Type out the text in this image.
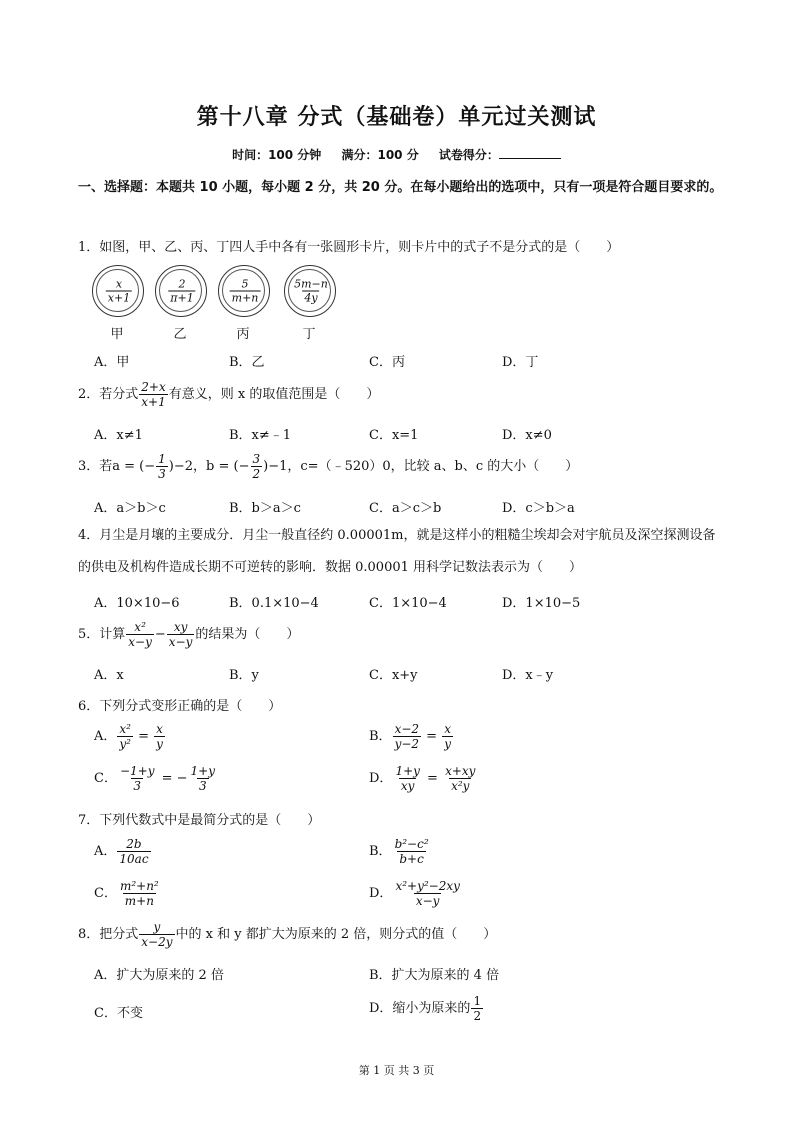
第十八章 分式（基础卷）单元过关测试
时间：100 分钟 满分：100 分 试卷得分：
一、选择题：本题共 10 小题，每小题 2 分，共 20 分。在每小题给出的选项中，只有一项是符合题目要求的。
1．如图，甲、乙、丙、丁四人手中各有一张圆形卡片，则卡片中的式子不是分式的是（　　）
$\frac{x}{x+1}$
甲
$\frac{2}{\pi+1}$
乙
$\frac{5}{m+n}$
丙
$\frac{5m-n}{4y}$
丁
A．甲	B．乙	C．丙	D．丁
2．若分式 $\frac{2+x}{x+1}$ 有意义，则 x 的取值范围是（　　）
A．x≠1	B．x≠﹣1	C．x=1	D．x≠0
3．若a = (− $\frac{1}{3} )-2$，b = (− $\frac{3}{2} )-1$，c=（﹣520）0，比较 a、b、c 的大小（　　）
A．a＞b＞c	B．b＞a＞c	C．a＞c＞b	D．c＞b＞a
4．月尘是月壤的主要成分．月尘一般直径约 0.00001m，就是这样小的粗糙尘埃却会对宇航员及深空探测设备的供电及机构件造成长期不可逆转的影响．数据 0.00001 用科学记数法表示为（　　）
A．10×10−6	B．0.1×10−4	C．1×10−4	D．1×10−5
5．计算 $\frac{\text{x²}}{x-y} - \frac{xy}{x-y}$ 的结果为（　　）
A．x	B．y	C．x+y	D．x﹣y
6．下列分式变形正确的是（　　）
A． $\frac{\text{x²}}{\text{y²}} = \frac{x}{y}$	B． $\frac{x-2}{y-2} = \frac{x}{y}$
C． $\frac{-1+y}{3}$ = − $\frac{1+y}{3}$	D． $\frac{1+y}{xy} = \frac{x+xy}{\text{x²y}}$
7．下列代数式中是最简分式的是（　　）
A． $\frac{2b}{10ac}$	B． $\frac{\text{b²−c²}}{b+c}$
C． $\frac{\text{m²+n²}}{m+n}$	D． $\frac{\text{x²+y²−2xy}}{x-y}$
8．把分式 $\frac{y}{x-2y}$ 中的 x 和 y 都扩大为原来的 2 倍，则分式的值（　　）
A．扩大为原来的 2 倍	B．扩大为原来的 4 倍
C．不变	D．缩小为原来的 $\frac{1}{2}$
第 1 页 共 3 页
